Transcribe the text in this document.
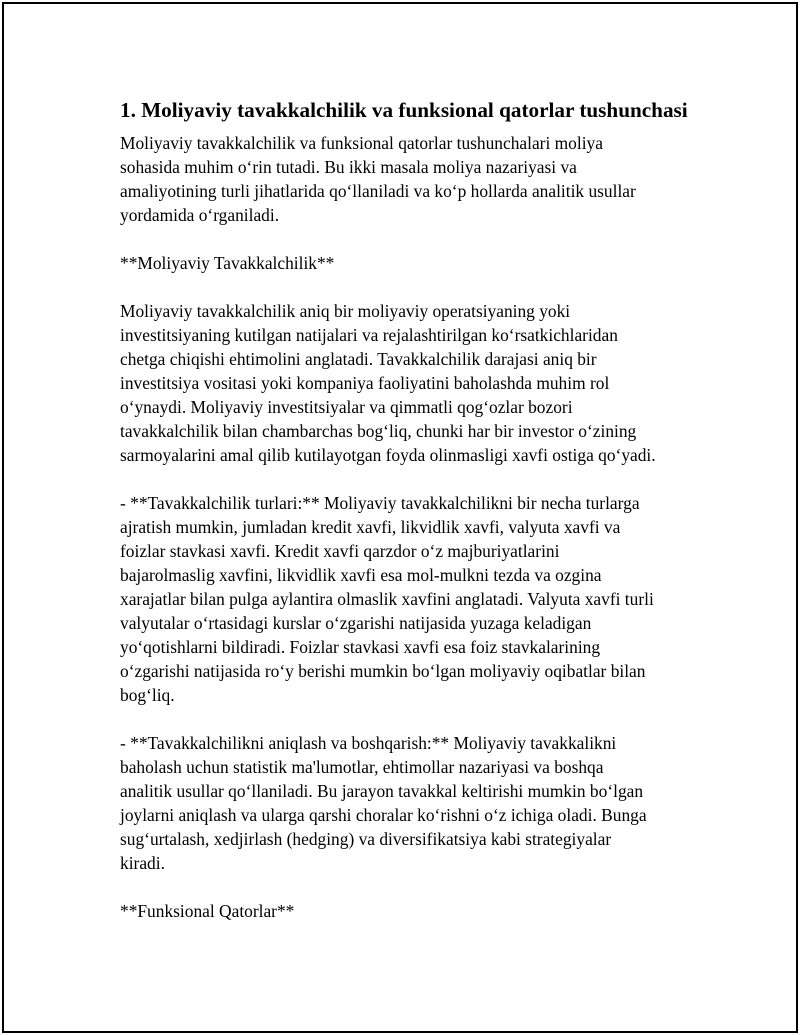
1. Moliyaviy tavakkalchilik va funksional qatorlar tushunchasi

Moliyaviy tavakkalchilik va funksional qatorlar tushunchalari moliya
sohasida muhim o‘rin tutadi. Bu ikki masala moliya nazariyasi va
amaliyotining turli jihatlarida qo‘llaniladi va ko‘p hollarda analitik usullar
yordamida o‘rganiladi.

**Moliyaviy Tavakkalchilik**

Moliyaviy tavakkalchilik aniq bir moliyaviy operatsiyaning yoki
investitsiyaning kutilgan natijalari va rejalashtirilgan ko‘rsatkichlaridan
chetga chiqishi ehtimolini anglatadi. Tavakkalchilik darajasi aniq bir
investitsiya vositasi yoki kompaniya faoliyatini baholashda muhim rol
o‘ynaydi. Moliyaviy investitsiyalar va qimmatli qog‘ozlar bozori
tavakkalchilik bilan chambarchas bog‘liq, chunki har bir investor o‘zining
sarmoyalarini amal qilib kutilayotgan foyda olinmasligi xavfi ostiga qo‘yadi.

- **Tavakkalchilik turlari:** Moliyaviy tavakkalchilikni bir necha turlarga
ajratish mumkin, jumladan kredit xavfi, likvidlik xavfi, valyuta xavfi va
foizlar stavkasi xavfi. Kredit xavfi qarzdor o‘z majburiyatlarini
bajarolmaslig xavfini, likvidlik xavfi esa mol-mulkni tezda va ozgina
xarajatlar bilan pulga aylantira olmaslik xavfini anglatadi. Valyuta xavfi turli
valyutalar o‘rtasidagi kurslar o‘zgarishi natijasida yuzaga keladigan
yo‘qotishlarni bildiradi. Foizlar stavkasi xavfi esa foiz stavkalarining
o‘zgarishi natijasida ro‘y berishi mumkin bo‘lgan moliyaviy oqibatlar bilan
bog‘liq.

- **Tavakkalchilikni aniqlash va boshqarish:** Moliyaviy tavakkalikni
baholash uchun statistik ma'lumotlar, ehtimollar nazariyasi va boshqa
analitik usullar qo‘llaniladi. Bu jarayon tavakkal keltirishi mumkin bo‘lgan
joylarni aniqlash va ularga qarshi choralar ko‘rishni o‘z ichiga oladi. Bunga
sug‘urtalash, xedjirlash (hedging) va diversifikatsiya kabi strategiyalar
kiradi.

**Funksional Qatorlar**
